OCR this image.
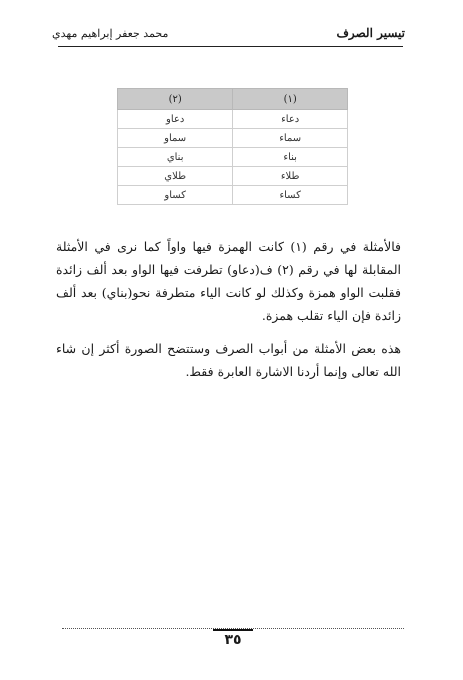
تيسير الصرف
محمد جعفر إبراهيم مهدي
(١)	(٢)
دعاء	دعاو
سماء	سماو
بناء	بناي
طلاء	طلاي
كساء	كساو

فالأمثلة في رقم (١) كانت الهمزة فيها واواً كما نرى في الأمثلة المقابلة لها في رقم (٢) ف(دعاو) تطرفت فيها الواو بعد ألف زائدة فقلبت الواو همزة وكذلك لو كانت الياء متطرفة نحو(بناي) بعد ألف زائدة فإن الياء تقلب همزة.

هذه بعض الأمثلة من أبواب الصرف وستتضح الصورة أكثر إن شاء الله تعالى وإنما أردنا الاشارة العابرة فقط.

٣٥
